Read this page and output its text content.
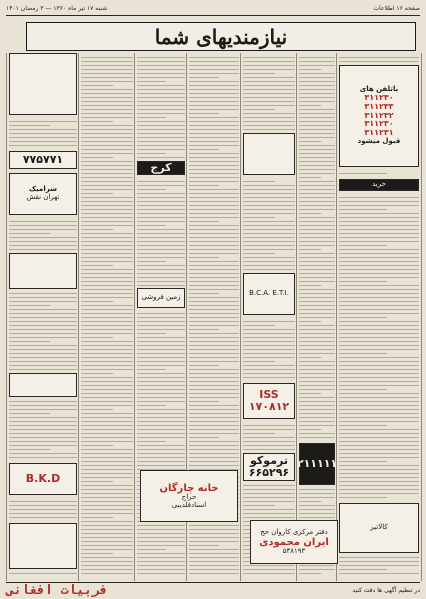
شنبه ۱۷ تیر ماه ۱۳۶۰ — ۳ رمضان ۱۴۰۱	صفحه ۱۶ اطلاعات
نیازمندیهای شما
۷۷۵۷۷۱
سرامیک
تهران نقش
B.K.D
کرج
زمین فروشی	B.C.A. E.T.I.
ISS
۱۷۰۸۱۲
ترموکو
۶۶۵۲۹۶
۲۱۱۱۱۱
باتلفن های
۳۱۱۲۳۰
۳۱۱۲۳۳
۳۱۱۲۳۲
۳۱۱۲۳۰
۳۱۱۲۳۱
قبول میشود
خرید
کالاتیر
خانه چارگان
حراج
اسنادفلدیبی
دفتر مرکزی کاروان حج
ایران محمودی
۵۳۸۱۹۳
فربیات افغانی	در تنظیم آگهی ها دقت کنید
